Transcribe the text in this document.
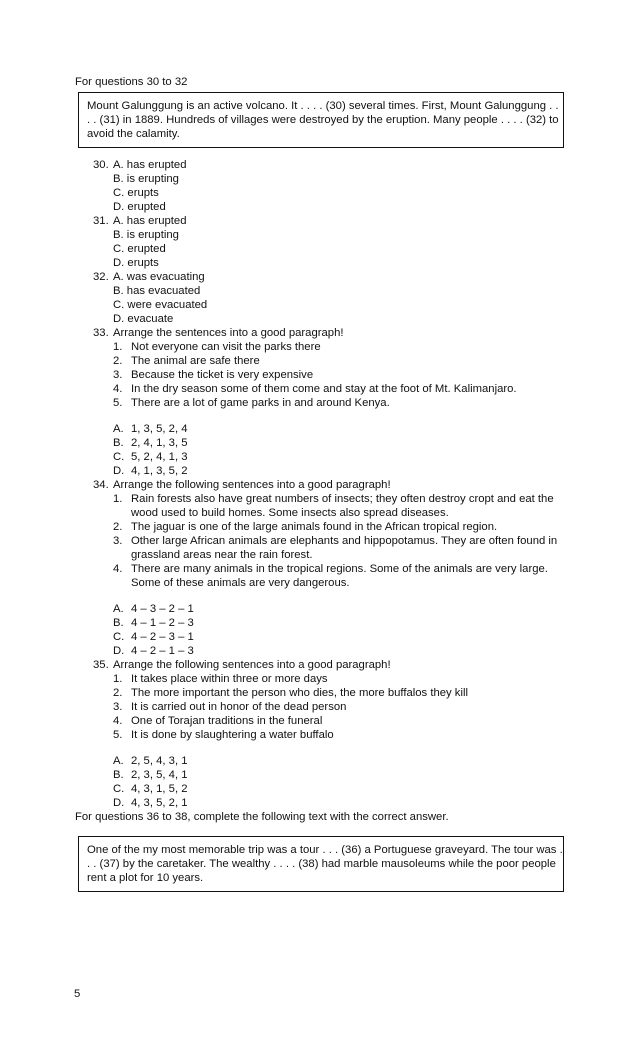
For questions 30 to 32
Mount Galunggung is an active volcano. It . . . . (30) several times. First, Mount Galunggung . . . . (31) in 1889. Hundreds of villages were destroyed by the eruption. Many people . . . . (32) to avoid the calamity.
30. A. has erupted
B. is erupting
C. erupts
D. erupted
31. A. has erupted
B. is erupting
C. erupted
D. erupts
32. A. was evacuating
B. has evacuated
C. were evacuated
D. evacuate
33. Arrange the sentences into a good paragraph!
1. Not everyone can visit the parks there
2. The animal are safe there
3. Because the ticket is very expensive
4. In the dry season some of them come and stay at the foot of Mt. Kalimanjaro.
5. There are a lot of game parks in and around Kenya.
A. 1, 3, 5, 2, 4
B. 2, 4, 1, 3, 5
C. 5, 2, 4, 1, 3
D. 4, 1, 3, 5, 2
34. Arrange the following sentences into a good paragraph!
1. Rain forests also have great numbers of insects; they often destroy cropt and eat the wood used to build homes. Some insects also spread diseases.
2. The jaguar is one of the large animals found in the African tropical region.
3. Other large African animals are elephants and hippopotamus. They are often found in grassland areas near the rain forest.
4. There are many animals in the tropical regions. Some of the animals are very large. Some of these animals are very dangerous.
A. 4 – 3 – 2 – 1
B. 4 – 1 – 2 – 3
C. 4 – 2 – 3 – 1
D. 4 – 2 – 1 – 3
35. Arrange the following sentences into a good paragraph!
1. It takes place within three or more days
2. The more important the person who dies, the more buffalos they kill
3. It is carried out in honor of the dead person
4. One of Torajan traditions in the funeral
5. It is done by slaughtering a water buffalo
A. 2, 5, 4, 3, 1
B. 2, 3, 5, 4, 1
C. 4, 3, 1, 5, 2
D. 4, 3, 5, 2, 1
For questions 36 to 38, complete the following text with the correct answer.
One of the my most memorable trip was a tour . . . (36) a Portuguese graveyard. The tour was . . . (37) by the caretaker. The wealthy . . . . (38) had marble mausoleums while the poor people rent a plot for 10 years.
5
